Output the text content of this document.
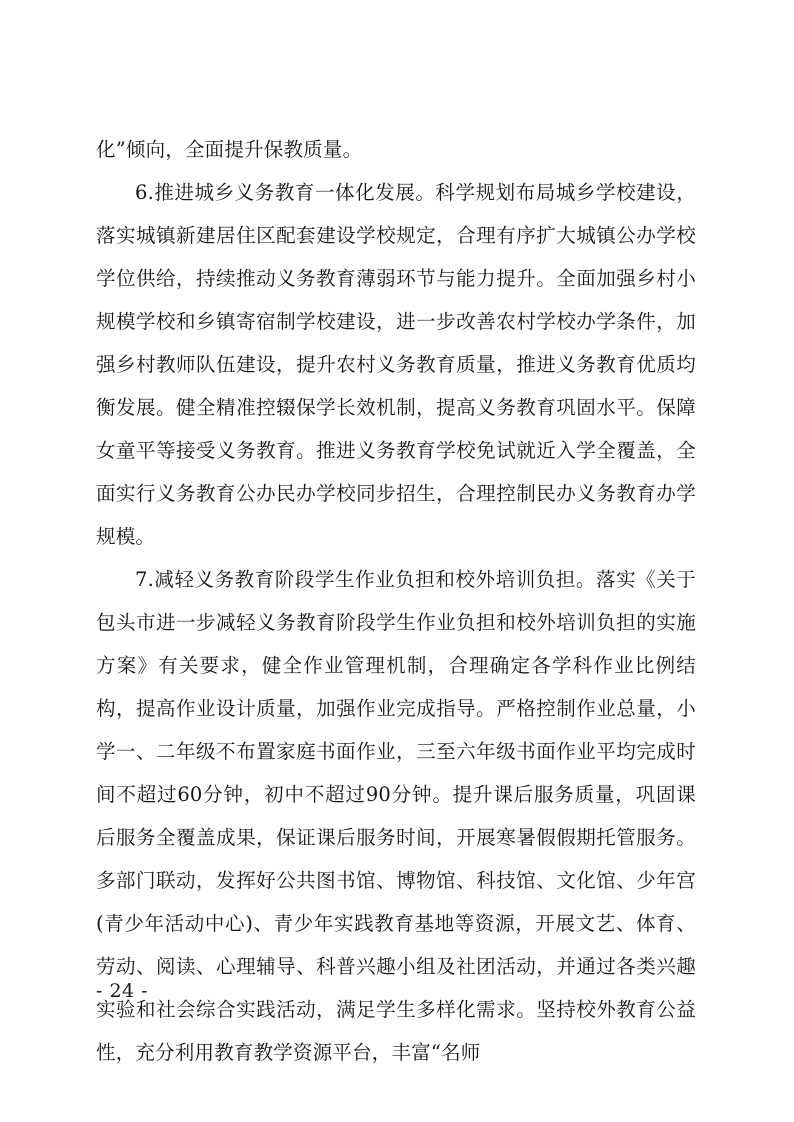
化”倾向，全面提升保教质量。

6.推进城乡义务教育一体化发展。科学规划布局城乡学校建设，落实城镇新建居住区配套建设学校规定，合理有序扩大城镇公办学校学位供给，持续推动义务教育薄弱环节与能力提升。全面加强乡村小规模学校和乡镇寄宿制学校建设，进一步改善农村学校办学条件，加强乡村教师队伍建设，提升农村义务教育质量，推进义务教育优质均衡发展。健全精准控辍保学长效机制，提高义务教育巩固水平。保障女童平等接受义务教育。推进义务教育学校免试就近入学全覆盖，全面实行义务教育公办民办学校同步招生，合理控制民办义务教育办学规模。

7.减轻义务教育阶段学生作业负担和校外培训负担。落实《关于包头市进一步减轻义务教育阶段学生作业负担和校外培训负担的实施方案》有关要求，健全作业管理机制，合理确定各学科作业比例结构，提高作业设计质量，加强作业完成指导。严格控制作业总量，小学一、二年级不布置家庭书面作业，三至六年级书面作业平均完成时间不超过60分钟，初中不超过90分钟。提升课后服务质量，巩固课后服务全覆盖成果，保证课后服务时间，开展寒暑假假期托管服务。多部门联动，发挥好公共图书馆、博物馆、科技馆、文化馆、少年宫(青少年活动中心)、青少年实践教育基地等资源，开展文艺、体育、劳动、阅读、心理辅导、科普兴趣小组及社团活动，并通过各类兴趣实验和社会综合实践活动，满足学生多样化需求。坚持校外教育公益性，充分利用教育教学资源平台，丰富“名师

- 24 -
